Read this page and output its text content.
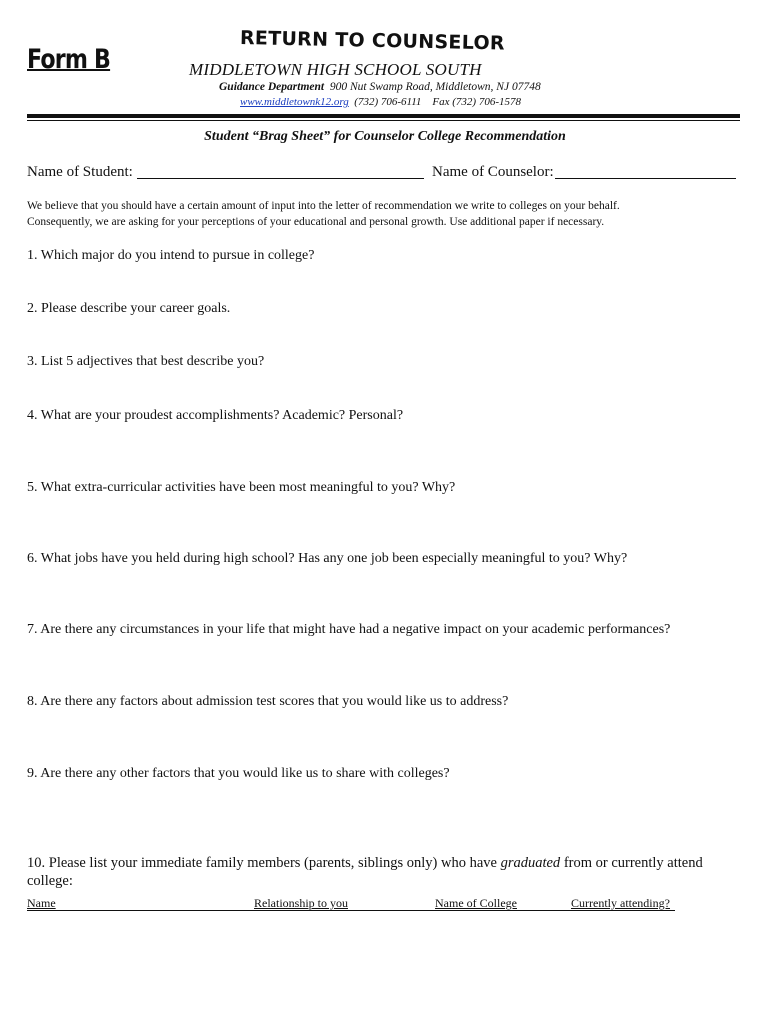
Form B
RETURN TO COUNSELOR
MIDDLETOWN HIGH SCHOOL SOUTH
Guidance Department 900 Nut Swamp Road, Middletown, NJ 07748
www.middletownk12.org (732) 706-6111 Fax (732) 706-1578
Student “Brag Sheet” for Counselor College Recommendation
Name of Student:	Name of Counselor:
We believe that you should have a certain amount of input into the letter of recommendation we write to colleges on your behalf.
Consequently, we are asking for your perceptions of your educational and personal growth. Use additional paper if necessary.
1. Which major do you intend to pursue in college?
2. Please describe your career goals.
3. List 5 adjectives that best describe you?
4. What are your proudest accomplishments? Academic? Personal?
5. What extra-curricular activities have been most meaningful to you? Why?
6. What jobs have you held during high school? Has any one job been especially meaningful to you? Why?
7. Are there any circumstances in your life that might have had a negative impact on your academic performances?
8. Are there any factors about admission test scores that you would like us to address?
9. Are there any other factors that you would like us to share with colleges?
10. Please list your immediate family members (parents, siblings only) who have graduated from or currently attend college:
Name	Relationship to you	Name of College	Currently attending?
